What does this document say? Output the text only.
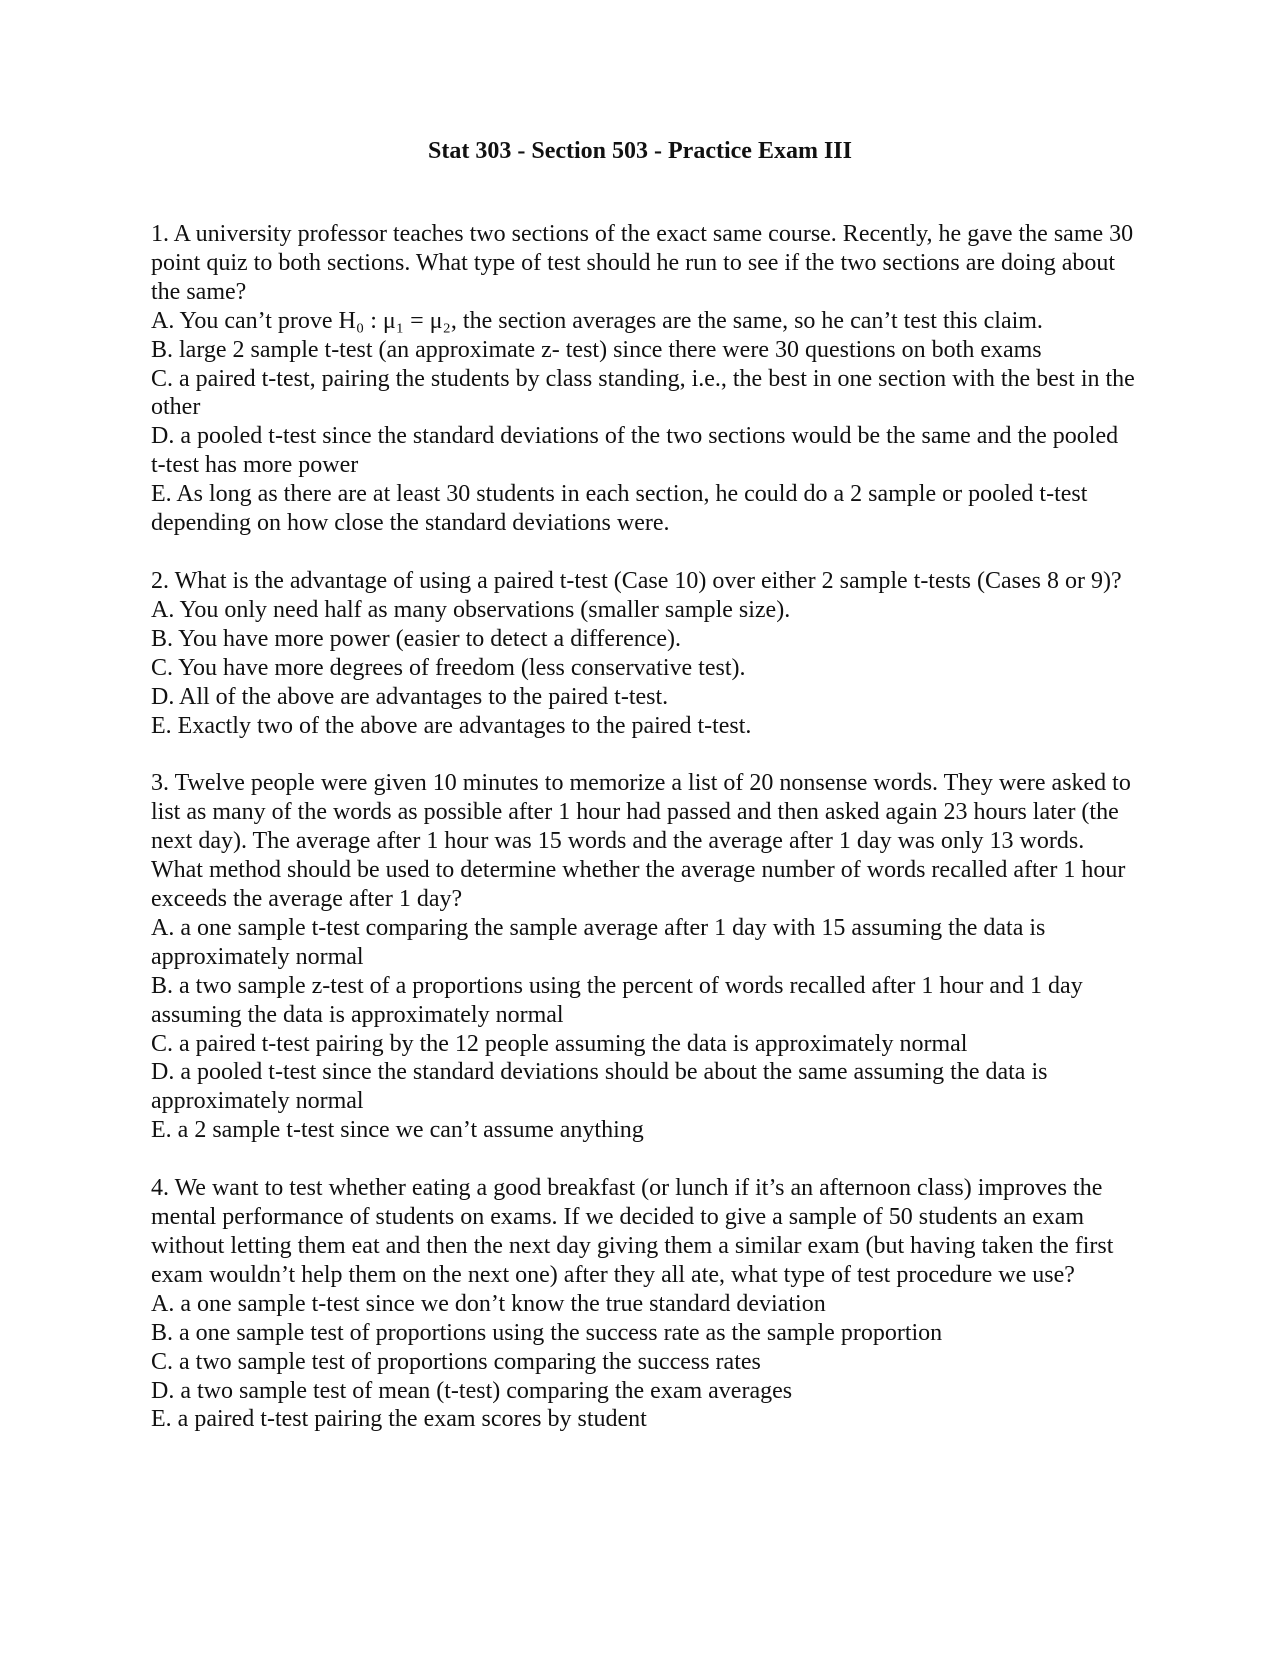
Stat 303 - Section 503 - Practice Exam III
1. A university professor teaches two sections of the exact same course. Recently, he gave the same 30 point quiz to both sections. What type of test should he run to see if the two sections are doing about the same?
A. You can’t prove H₀ : μ₁ = μ₂, the section averages are the same, so he can’t test this claim.
B. large 2 sample t-test (an approximate z- test) since there were 30 questions on both exams
C. a paired t-test, pairing the students by class standing, i.e., the best in one section with the best in the other
D. a pooled t-test since the standard deviations of the two sections would be the same and the pooled t-test has more power
E. As long as there are at least 30 students in each section, he could do a 2 sample or pooled t-test depending on how close the standard deviations were.
2. What is the advantage of using a paired t-test (Case 10) over either 2 sample t-tests (Cases 8 or 9)?
A. You only need half as many observations (smaller sample size).
B. You have more power (easier to detect a difference).
C. You have more degrees of freedom (less conservative test).
D. All of the above are advantages to the paired t-test.
E. Exactly two of the above are advantages to the paired t-test.
3. Twelve people were given 10 minutes to memorize a list of 20 nonsense words. They were asked to list as many of the words as possible after 1 hour had passed and then asked again 23 hours later (the next day). The average after 1 hour was 15 words and the average after 1 day was only 13 words. What method should be used to determine whether the average number of words recalled after 1 hour exceeds the average after 1 day?
A. a one sample t-test comparing the sample average after 1 day with 15 assuming the data is approximately normal
B. a two sample z-test of a proportions using the percent of words recalled after 1 hour and 1 day assuming the data is approximately normal
C. a paired t-test pairing by the 12 people assuming the data is approximately normal
D. a pooled t-test since the standard deviations should be about the same assuming the data is approximately normal
E. a 2 sample t-test since we can’t assume anything
4. We want to test whether eating a good breakfast (or lunch if it’s an afternoon class) improves the mental performance of students on exams. If we decided to give a sample of 50 students an exam without letting them eat and then the next day giving them a similar exam (but having taken the first exam wouldn’t help them on the next one) after they all ate, what type of test procedure we use?
A. a one sample t-test since we don’t know the true standard deviation
B. a one sample test of proportions using the success rate as the sample proportion
C. a two sample test of proportions comparing the success rates
D. a two sample test of mean (t-test) comparing the exam averages
E. a paired t-test pairing the exam scores by student
